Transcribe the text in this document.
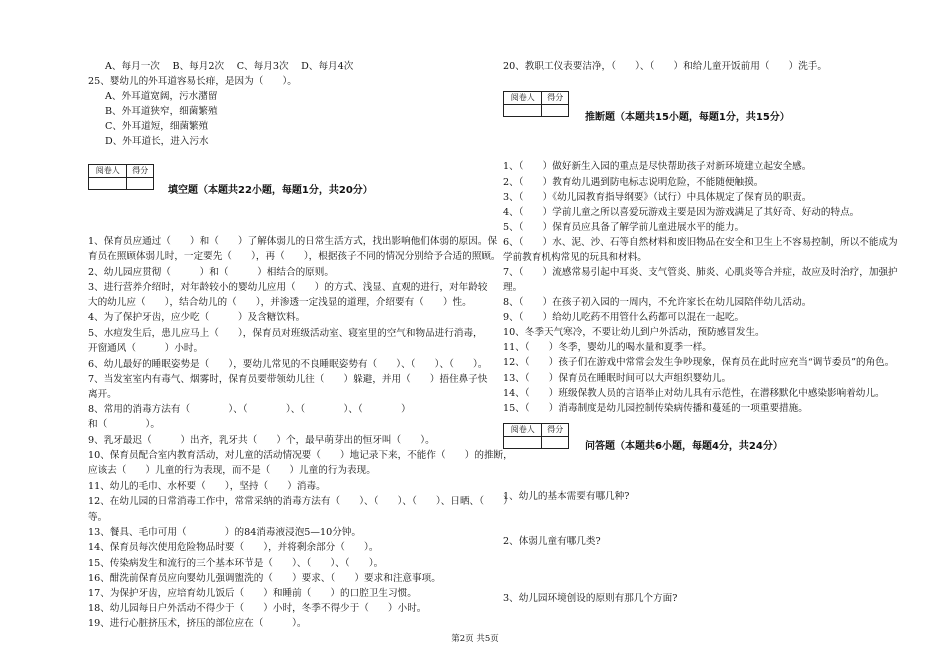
A、每月一次　 B、每月2次　 C、每月3次　 D、每月4次
25、婴幼儿的外耳道容易长痱，是因为（　　）。
A、外耳道宽阔，污水潴留
B、外耳道狭窄，细菌繁殖
C、外耳道短，细菌繁殖
D、外耳道长，进入污水
阅卷人	得分
填空题（本题共22小题，每题1分，共20分）
1、保育员应通过（　　）和（　　）了解体弱儿的日常生活方式，找出影响他们体弱的原因。保
育员在照顾体弱儿时，一定要先（　　），再（　　），根据孩子不同的情况分别给予合适的照顾。
2、幼儿园应贯彻（　　　）和（　　　）相结合的原则。
3、进行营养介绍时，对年龄较小的婴幼儿应用（　　）的方式、浅显、直观的进行，对年龄较
大的幼儿应（　　），结合幼儿的（　　），并渗透一定浅显的道理，介绍要有（　　）性。
4、为了保护牙齿，应少吃（　　　）及含糖饮料。
5、水痘发生后，患儿应马上（　　），保育员对班级活动室、寝室里的空气和物品进行消毒，
开窗通风（　　　）小时。
6、幼儿最好的睡眠姿势是（　　），要幼儿常见的不良睡眠姿势有（　　）、（　　）、（　　）。
7、当发室室内有毒气、烟雾时，保育员要带领幼儿往（　　）躲避，并用（　　）捂住鼻子快
离开。
8、常用的消毒方法有（　　　　）、（　　　　）、（　　　　）、（　　　　）
和（　　　　）。
9、乳牙最迟（　　　）出齐，乳牙共（　　）个，最早萌芽出的恒牙叫（　　）。
10、保育员配合室内教育活动，对儿童的活动情况要（　　）地记录下来，不能作（　　）的推断，
应该去（　　）儿童的行为表现，而不是（　　）儿童的行为表现。
11、幼儿的毛巾、水杯要（　　），坚持（　　）消毒。
12、在幼儿园的日常消毒工作中，常常采纳的消毒方法有（　　）、（　　）、（　　）、日晒、（　　）
等。
13、餐具、毛巾可用（　　　　）的84消毒液浸泡5—10分钟。
14、保育员每次使用危险物品时要（　　），并将剩余部分（　　）。
15、传染病发生和流行的三个基本环节是（　　）、（　　）、（　　）。
16、酣洗前保育员应向婴幼儿强调盥洗的（　　）要求、（　　）要求和注意事项。
17、为保护牙齿，应培育幼儿饭后（　　）和睡前（　　）的口腔卫生习惯。
18、幼儿园每日户外活动不得少于（　　）小时，冬季不得少于（　　）小时。
19、进行心脏挤压术，挤压的部位应在（　　　）。
20、教职工仪表要洁净，（　　）、（　　）和给儿童开饭前用（　　）洗手。
阅卷人	得分
推断题（本题共15小题，每题1分，共15分）
1、（　　）做好新生入园的重点是尽快帮助孩子对新环境建立起安全感。
2、（　　）教育幼儿遇到防电标志说明危险，不能随便触摸。
3、（　　）《幼儿园教育指导纲要》（试行）中具体规定了保育员的职责。
4、（　　）学前儿童之所以喜爱玩游戏主要是因为游戏满足了其好奇、好动的特点。
5、（　　）保育员应具备了解学前儿童进展水平的能力。
6、（　　）水、泥、沙、石等自然材料和废旧物品在安全和卫生上不容易控制，所以不能成为
学前教育机构常见的玩具和材料。
7、（　　）流感常易引起中耳炎、支气管炎、肺炎、心肌炎等合并症，故应及时治疗，加强护
理。
8、（　　）在孩子初入园的一周内，不允许家长在幼儿园陪伴幼儿活动。
9、（　　）给幼儿吃药不用管什么药都可以混在一起吃。
10、冬季天气寒冷，不要让幼儿到户外活动，预防感冒发生。
11、（　　）冬季，婴幼儿的喝水量和夏季一样。
12、（　　）孩子们在游戏中常常会发生争吵现象，保育员在此时应充当“调节委员”的角色。
13、（　　）保育员在睡眠时间可以大声组织婴幼儿。
14、（　　）班级保教人员的言语举止对幼儿具有示范性，在潜移默化中感染影响着幼儿。
15、（　　）消毒制度是幼儿园控制传染病传播和蔓延的一项重要措施。
阅卷人	得分
问答题（本题共6小题，每题4分，共24分）
1、幼儿的基本需要有哪几种?
2、体弱儿童有哪几类?
3、幼儿园环境创设的原则有那几个方面?
第2页 共5页
